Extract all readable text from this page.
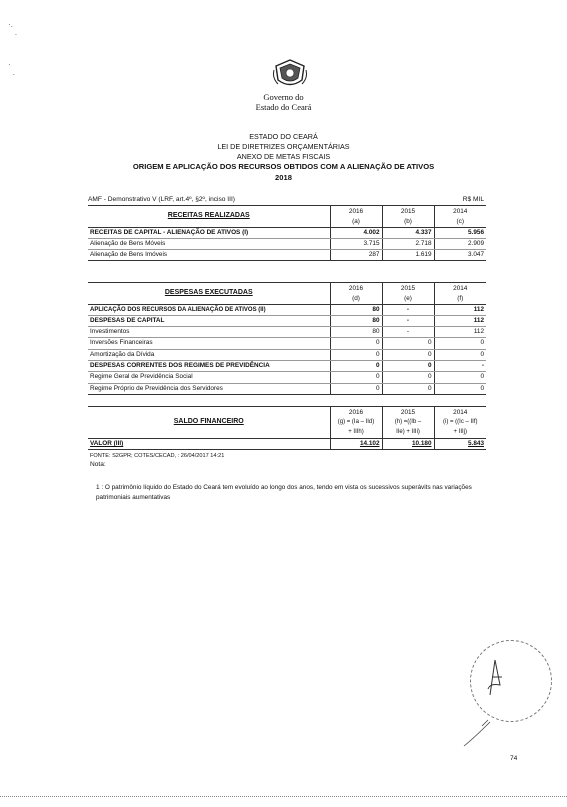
·.
·

·
·
Governo do
Estado do Ceará
ESTADO DO CEARÁ
LEI DE DIRETRIZES ORÇAMENTÁRIAS
ANEXO DE METAS FISCAIS
ORIGEM E APLICAÇÃO DOS RECURSOS OBTIDOS COM A ALIENAÇÃO DE ATIVOS
2018
AMF - Demonstrativo V (LRF, art.4º, §2º, inciso III)	R$ MIL
RECEITAS REALIZADAS	2016	2015	2014
	(a)	(b)	(c)
RECEITAS DE CAPITAL - ALIENAÇÃO DE ATIVOS (I)	4.002	4.337	5.956
Alienação de Bens Móveis	3.715	2.718	2.909
Alienação de Bens Imóveis	287	1.619	3.047
DESPESAS EXECUTADAS	2016	2015	2014
	(d)	(e)	(f)
APLICAÇÃO DOS RECURSOS DA ALIENAÇÃO DE ATIVOS (II)	80	-	112
DESPESAS DE CAPITAL	80	-	112
Investimentos	80	-	112
Inversões Financeiras	0	0	0
Amortização da Dívida	0	0	0
DESPESAS CORRENTES DOS REGIMES DE PREVIDÊNCIA	0	0	-
Regime Geral de Previdência Social	0	0	0
Regime Próprio de Previdência dos Servidores	0	0	0
SALDO FINANCEIRO	2016	2015	2014
	(g) = (Ia – IId)	(h) =((Ib –	(i) = ((Ic – IIf)
	+ IIIh)	IIe) + IIIi)	+ IIIj)
VALOR (III)	14.102	10.180	5.843
FONTE: S2GPR; COTES/CECAD, : 26/04/2017 14:21
Nota:
1 : O patrimônio líquido do Estado do Ceará tem evoluído ao longo dos anos, tendo em vista os sucessivos superávits nas variações patrimoniais aumentativas
74
